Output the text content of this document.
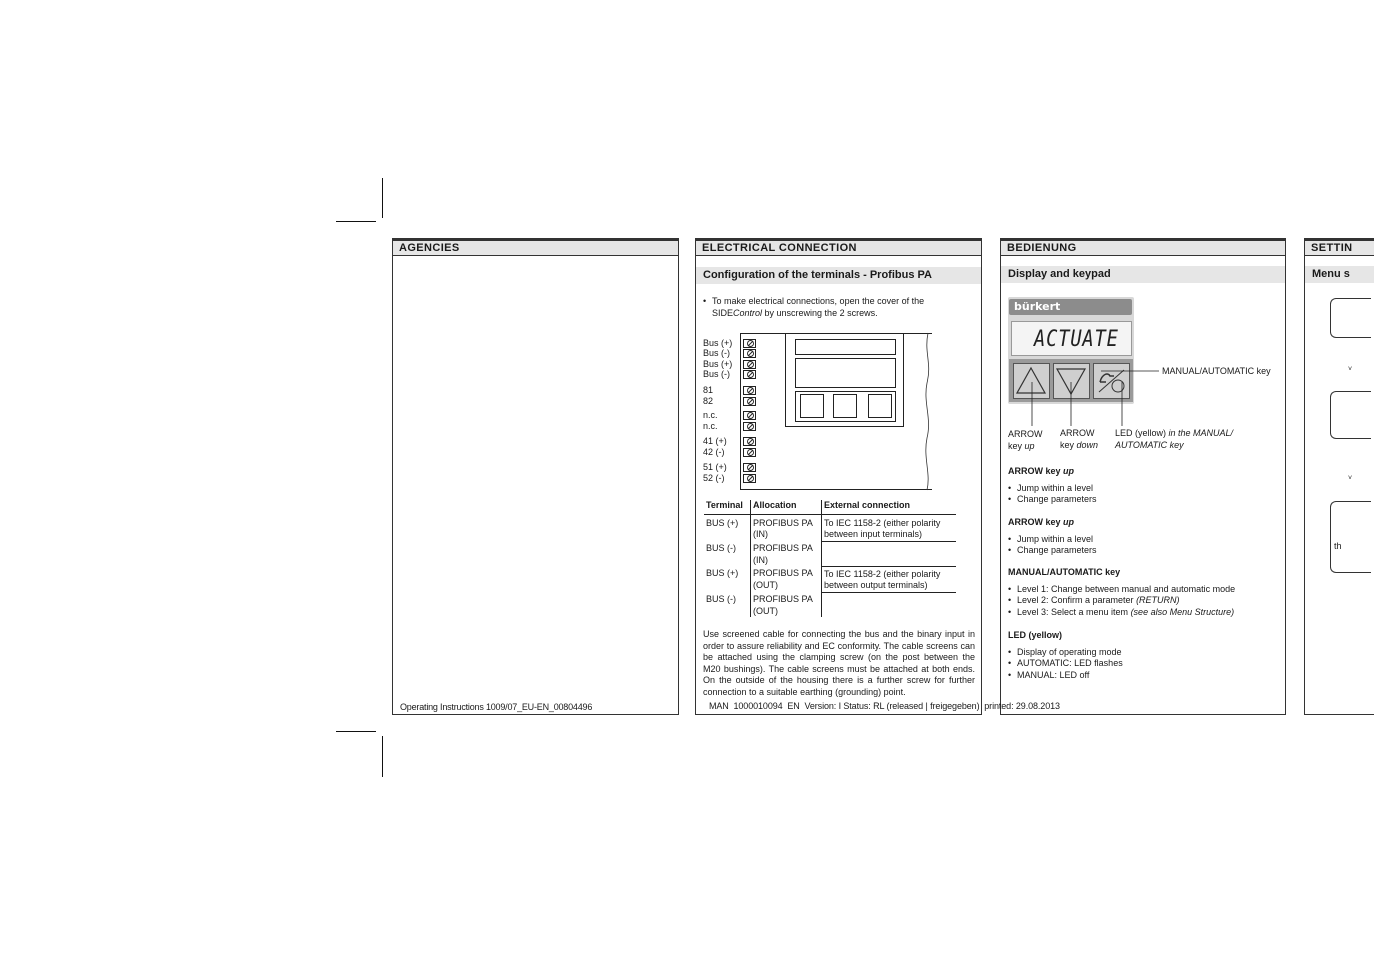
AGENCIES
Operating Instructions 1009/07_EU-EN_00804496
ELECTRICAL CONNECTION
Configuration of the terminals - Profibus PA
• To make electrical connections, open the cover of the
SIDEControl by unscrewing the 2 screws.
Bus (+)
Bus (-)
Bus (+)
Bus (-)
81
82
n.c.
n.c.
41 (+)
42 (-)
51 (+)
52 (-)
Terminal	Allocation	External connection
BUS (+)	PROFIBUS PA (IN)	To IEC 1158-2 (either polarity between input terminals)
BUS (-)	PROFIBUS PA (IN)	
BUS (+)	PROFIBUS PA (OUT)	To IEC 1158-2 (either polarity between output terminals)
BUS (-)	PROFIBUS PA (OUT)	
Use screened cable for connecting the bus and the binary input in order to assure reliability and EC conformity. The cable screens can be attached using the clamping screw (on the post between the M20 bushings). The cable screens must be attached at both ends. On the outside of the housing there is a further screw for further connection to a suitable earthing (grounding) point.
BEDIENUNG
Display and keypad
bürkert
ACTUATE
MANUAL/AUTOMATIC key
ARROW
key up
ARROW
key down
LED (yellow) in the MANUAL/
AUTOMATIC key
ARROW key up
• Jump within a level
• Change parameters
ARROW key up
• Jump within a level
• Change parameters
MANUAL/AUTOMATIC key
• Level 1: Change between manual and automatic mode
• Level 2: Confirm a parameter (RETURN)
• Level 3: Select a menu item (see also Menu Structure)
LED (yellow)
• Display of operating mode
• AUTOMATIC: LED flashes
• MANUAL: LED off
SETTIN
Menu s
˅
˅
th
MAN  1000010094  EN  Version: I Status: RL (released | freigegeben)  printed: 29.08.2013
